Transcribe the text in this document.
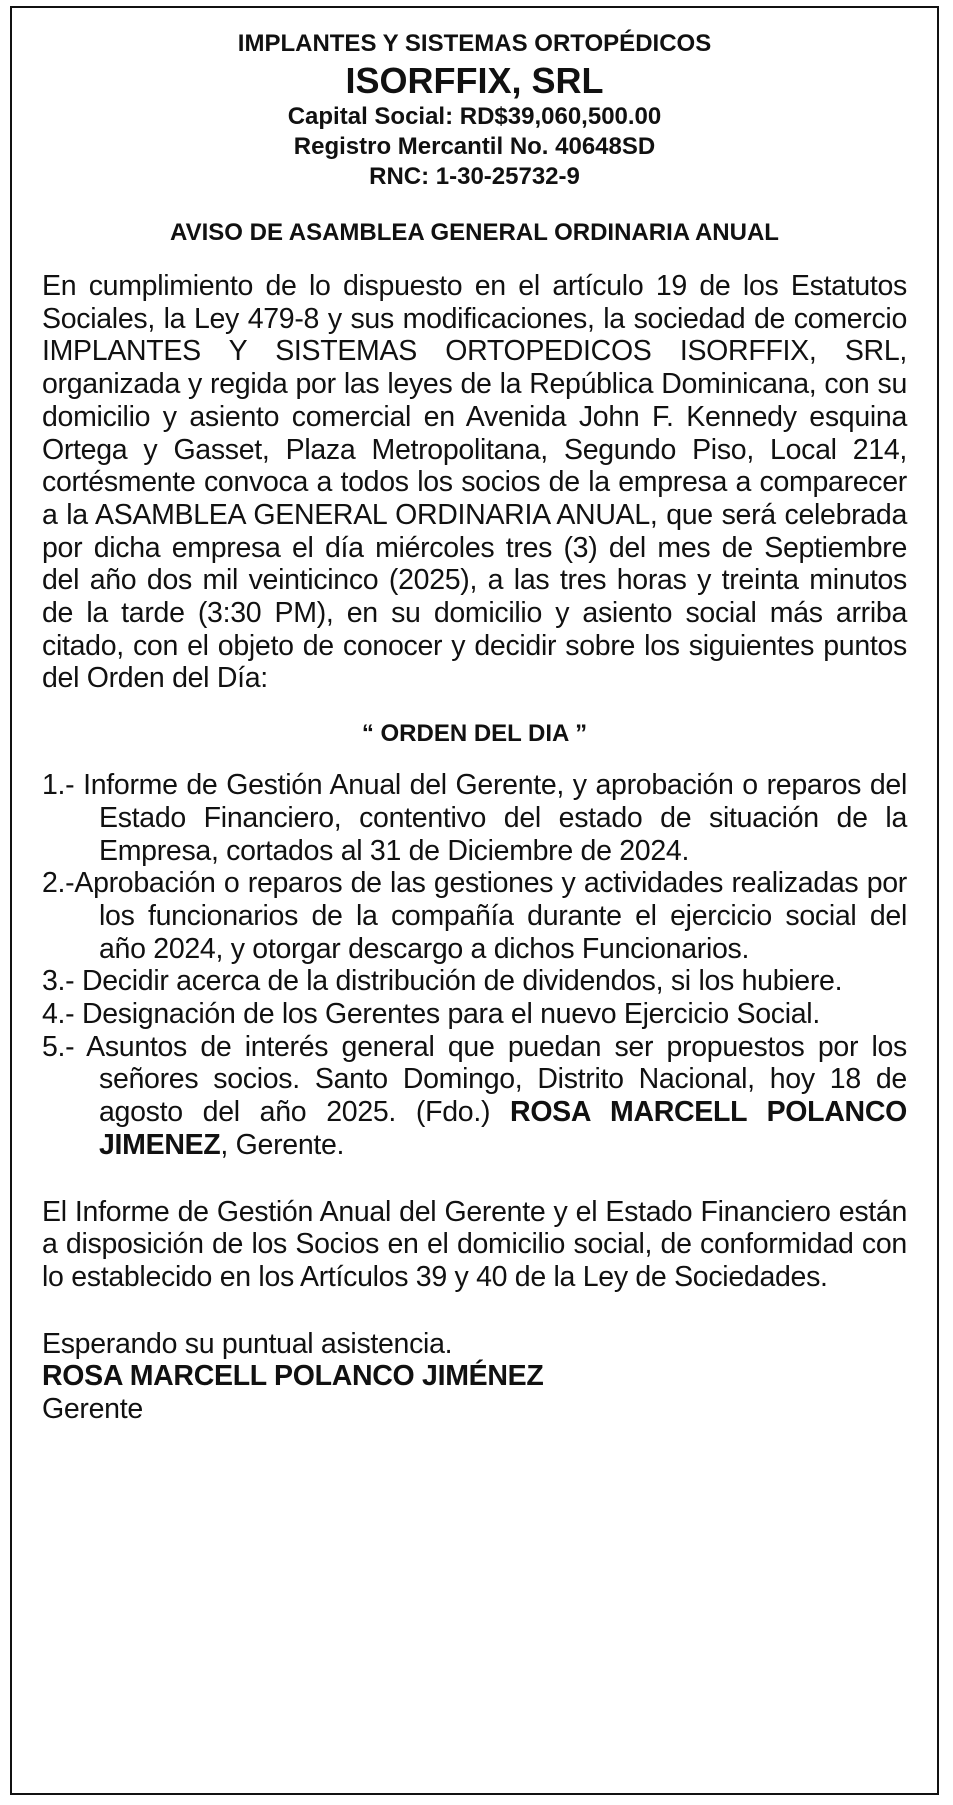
IMPLANTES Y SISTEMAS ORTOPÉDICOS
ISORFFIX, SRL
Capital Social: RD$39,060,500.00
Registro Mercantil No. 40648SD
RNC: 1-30-25732-9
AVISO DE ASAMBLEA GENERAL ORDINARIA ANUAL

En cumplimiento de lo dispuesto en el artículo 19 de los Estatutos Sociales, la Ley 479-8 y sus modificaciones, la sociedad de comercio IMPLANTES Y SISTEMAS ORTOPEDICOS ISORFFIX, SRL, organizada y regida por las leyes de la República Dominicana, con su domicilio y asiento comercial en Avenida John F. Kennedy esquina Ortega y Gasset, Plaza Metropolitana, Segundo Piso, Local 214, cortésmente convoca a todos los socios de la empresa a comparecer a la ASAMBLEA GENERAL ORDINARIA ANUAL, que será celebrada por dicha empresa el día miércoles tres (3) del mes de Septiembre del año dos mil veinticinco (2025), a las tres horas y treinta minutos de la tarde (3:30 PM), en su domicilio y asiento social más arriba citado, con el objeto de conocer y decidir sobre los siguientes puntos del Orden del Día:

“ ORDEN DEL DIA ”
1.- Informe de Gestión Anual del Gerente, y aprobación o reparos del Estado Financiero, contentivo del estado de situación de la Empresa, cortados al 31 de Diciembre de 2024.
2.-Aprobación o reparos de las gestiones y actividades realizadas por los funcionarios de la compañía durante el ejercicio social del año 2024, y otorgar descargo a dichos Funcionarios.
3.- Decidir acerca de la distribución de dividendos, si los hubiere.
4.- Designación de los Gerentes para el nuevo Ejercicio Social.
5.- Asuntos de interés general que puedan ser propuestos por los señores socios. Santo Domingo, Distrito Nacional, hoy 18 de agosto del año 2025. (Fdo.) ROSA MARCELL POLANCO JIMENEZ, Gerente.

El Informe de Gestión Anual del Gerente y el Estado Financiero están a disposición de los Socios en el domicilio social, de conformidad con lo establecido en los Artículos 39 y 40 de la Ley de Sociedades.

Esperando su puntual asistencia.
ROSA MARCELL POLANCO JIMÉNEZ
Gerente
